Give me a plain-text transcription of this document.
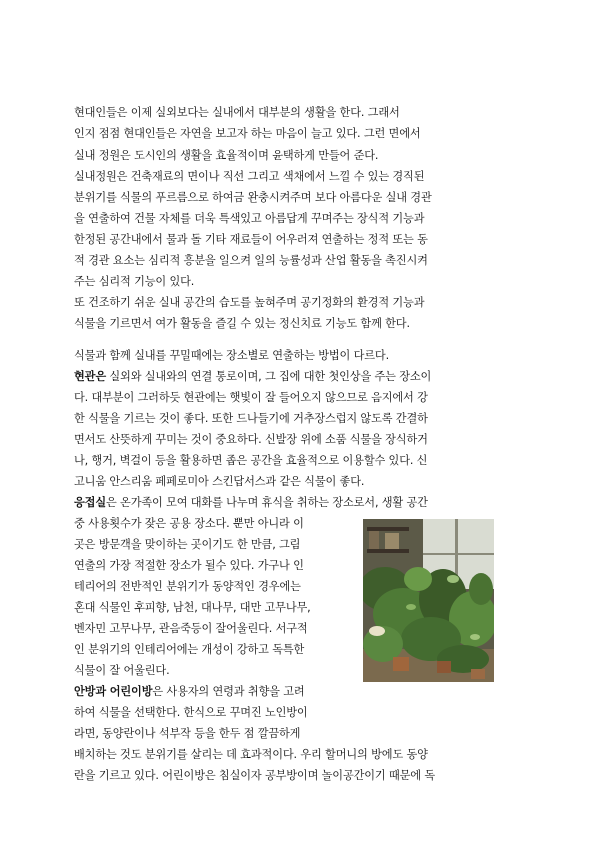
현대인들은 이제 실외보다는 실내에서 대부분의 생활을 한다. 그래서
인지 점점 현대인들은 자연을 보고자 하는 마음이 늘고 있다. 그런 면에서
실내 정원은 도시인의 생활을 효율적이며 윤택하게 만들어 준다.
실내정원은 건축재료의 면이나 직선 그리고 색채에서 느낄 수 있는 경직된
분위기를 식물의 푸르름으로 하여금 완충시켜주며 보다 아름다운 실내 경관
을 연출하여 건물 자체를 더욱 특색있고 아름답게 꾸며주는 장식적 기능과
한정된 공간내에서 물과 돌 기타 재료들이 어우러져 연출하는 정적 또는 동
적 경관 요소는 심리적 흥분을 일으켜 일의 능률성과 산업 활동을 촉진시켜
주는 심리적 기능이 있다.
또 건조하기 쉬운 실내 공간의 습도를 높혀주며 공기정화의 환경적 기능과
식물을 기르면서 여가 활동을 즐길 수 있는 정신치료 기능도 함께 한다.
식물과 함께 실내를 꾸밀때에는 장소별로 연출하는 방법이 다르다.
현관은 실외와 실내와의 연결 통로이며, 그 집에 대한 첫인상을 주는 장소이
다. 대부분이 그러하듯 현관에는 햇빛이 잘 들어오지 않으므로 음지에서 강
한 식물을 기르는 것이 좋다. 또한 드나들기에 거추장스럽지 않도록 간결하
면서도 산뜻하게 꾸미는 것이 중요하다. 신발장 위에 소품 식물을 장식하거
나, 행거, 벽걸이 등을 활용하면 좁은 공간을 효율적으로 이용할수 있다. 신
고니움 안스리움 페페로미아 스킨답서스과 같은 식물이 좋다.
응접실은 온가족이 모여 대화를 나누며 휴식을 취하는 장소로서, 생활 공간
중 사용횟수가 잦은 공용 장소다. 뿐만 아니라 이
곳은 방문객을 맞이하는 곳이기도 한 만큼, 그림
연출의 가장 적절한 장소가 될수 있다. 가구나 인
테리어의 전반적인 분위기가 동양적인 경우에는
혼대 식물인 후피향, 남천, 대나무, 대만 고무나무,
벤자민 고무나무, 관음죽등이 잘어울린다. 서구적
인 분위기의 인테리어에는 개성이 강하고 독특한
식물이 잘 어울린다.
안방과 어린이방은 사용자의 연령과 취향을 고려
하여 식물을 선택한다. 한식으로 꾸며진 노인방이
라면, 동양란이나 석부작 등을 한두 점 깔끔하게
배치하는 것도 분위기를 살리는 데 효과적이다. 우리 할머니의 방에도 동양
란을 기르고 있다. 어린이방은 침실이자 공부방이며 놀이공간이기 때문에 독
